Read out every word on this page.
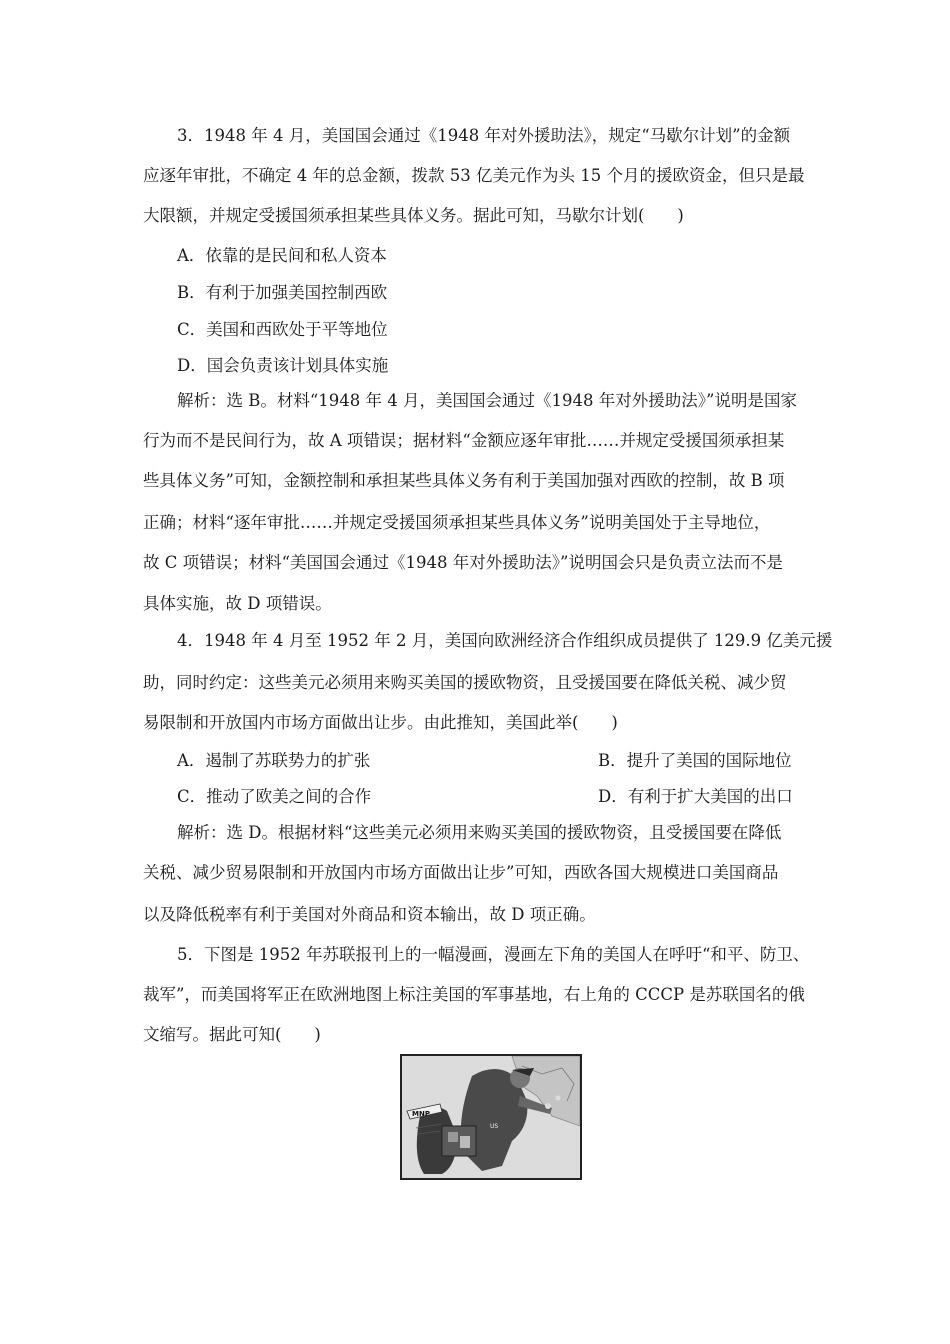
3．1948 年 4 月，美国国会通过《1948 年对外援助法》，规定“马歇尔计划”的金额
应逐年审批，不确定 4 年的总金额，拨款 53 亿美元作为头 15 个月的援欧资金，但只是最
大限额，并规定受援国须承担某些具体义务。据此可知，马歇尔计划(　　)
A．依靠的是民间和私人资本
B．有利于加强美国控制西欧
C．美国和西欧处于平等地位
D．国会负责该计划具体实施
解析：选 B。材料“1948 年 4 月，美国国会通过《1948 年对外援助法》”说明是国家
行为而不是民间行为，故 A 项错误；据材料“金额应逐年审批……并规定受援国须承担某
些具体义务”可知，金额控制和承担某些具体义务有利于美国加强对西欧的控制，故 B 项
正确；材料“逐年审批……并规定受援国须承担某些具体义务”说明美国处于主导地位，
故 C 项错误；材料“美国国会通过《1948 年对外援助法》”说明国会只是负责立法而不是
具体实施，故 D 项错误。
4．1948 年 4 月至 1952 年 2 月，美国向欧洲经济合作组织成员提供了 129.9 亿美元援
助，同时约定：这些美元必须用来购买美国的援欧物资，且受援国要在降低关税、减少贸
易限制和开放国内市场方面做出让步。由此推知，美国此举(　　)
A．遏制了苏联势力的扩张	B．提升了美国的国际地位
C．推动了欧美之间的合作	D．有利于扩大美国的出口
解析：选 D。根据材料“这些美元必须用来购买美国的援欧物资，且受援国要在降低
关税、减少贸易限制和开放国内市场方面做出让步”可知，西欧各国大规模进口美国商品
以及降低税率有利于美国对外商品和资本输出，故 D 项正确。
5．下图是 1952 年苏联报刊上的一幅漫画，漫画左下角的美国人在呼吁“和平、防卫、
裁军”，而美国将军正在欧洲地图上标注美国的军事基地，右上角的 CCCP 是苏联国名的俄
文缩写。据此可知(　　)
MNP
US
